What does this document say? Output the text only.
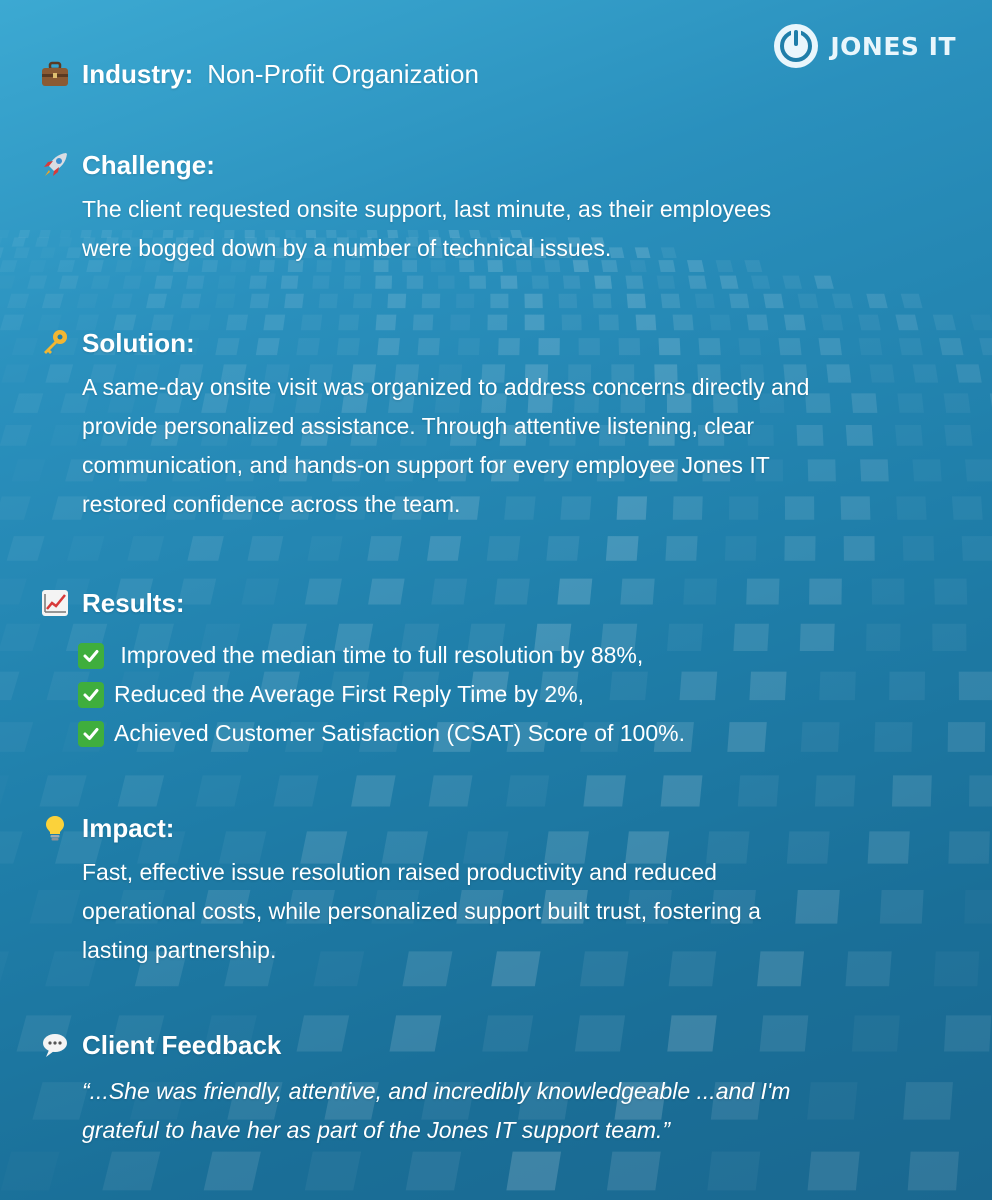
JONES IT
Industry: Non-Profit Organization
Challenge:
The client requested onsite support, last minute, as their employees
were bogged down by a number of technical issues.
Solution:
A same-day onsite visit was organized to address concerns directly and
provide personalized assistance. Through attentive listening, clear
communication, and hands-on support for every employee Jones IT
restored confidence across the team.
Results:
Improved the median time to full resolution by 88%,
Reduced the Average First Reply Time by 2%,
Achieved Customer Satisfaction (CSAT) Score of 100%.
Impact:
Fast, effective issue resolution raised productivity and reduced
operational costs, while personalized support built trust, fostering a
lasting partnership.
Client Feedback
“...She was friendly, attentive, and incredibly knowledgeable ...and I'm
grateful to have her as part of the Jones IT support team.”
